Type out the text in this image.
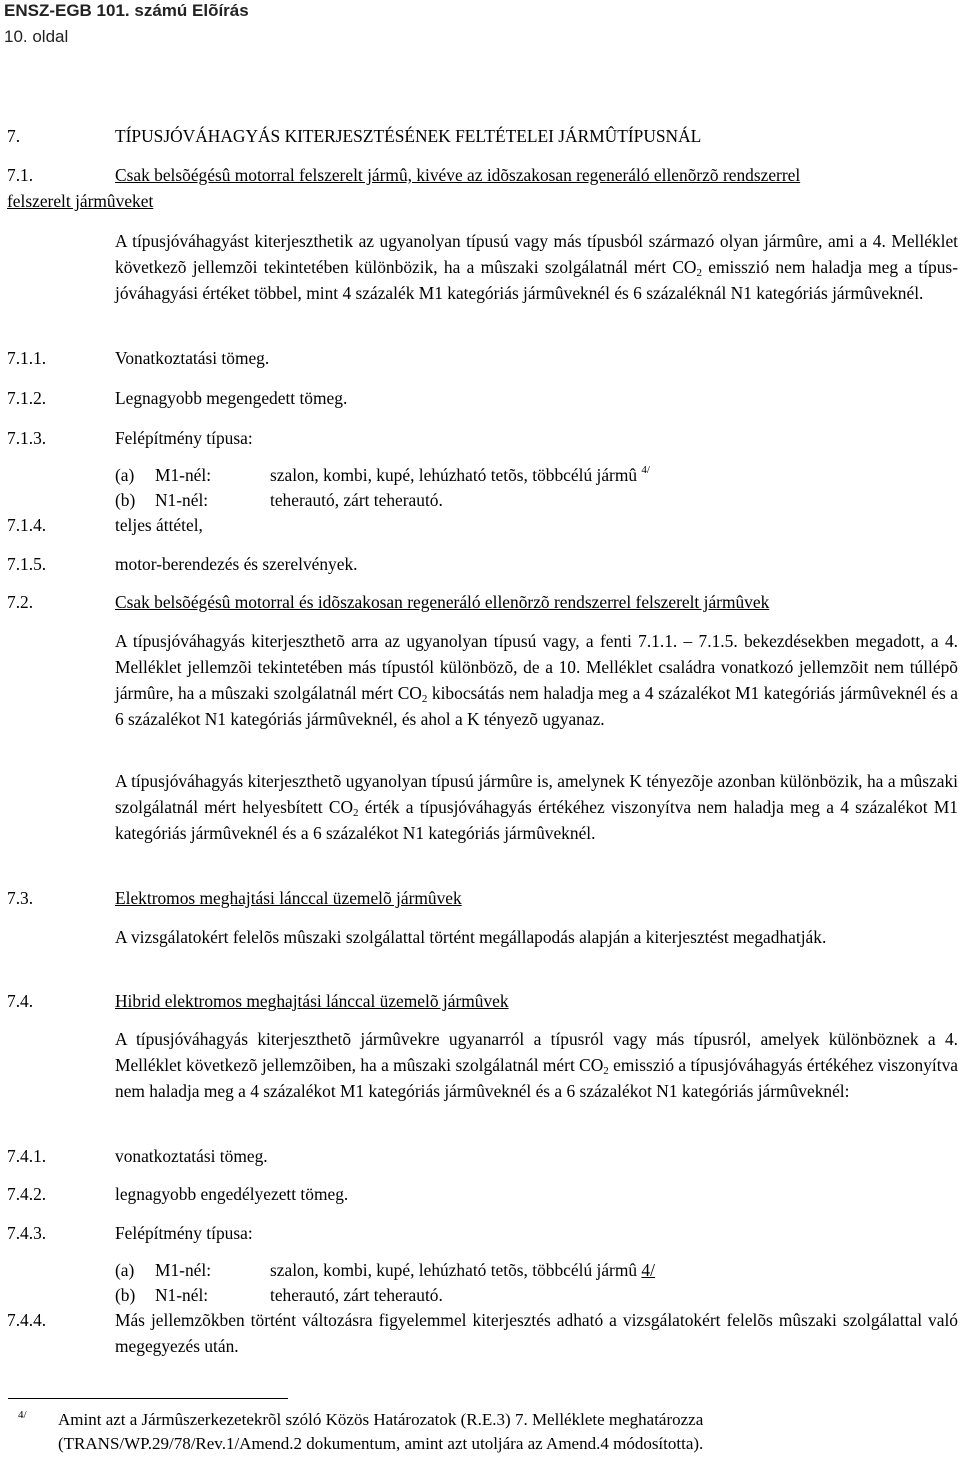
ENSZ-EGB 101. számú Elõírás
10. oldal
7.	TÍPUSJÓVÁHAGYÁS KITERJESZTÉSÉNEK FELTÉTELEI JÁRMÛTÍPUSNÁL
7.1.	Csak belsõégésû motorral felszerelt jármû, kivéve az idõszakosan regeneráló ellenõrzõ rendszerrel
felszerelt jármûveket

A típusjóváhagyást kiterjeszthetik az ugyanolyan típusú vagy más típusból származó olyan jármûre, ami a 4. Melléklet következõ jellemzõi tekintetében különbözik, ha a mûszaki szolgálatnál mért $CO_2$ emisszió nem haladja meg a típus-jóváhagyási értéket többel, mint 4 százalék M1 kategóriás jármûveknél és 6 százaléknál N1 kategóriás jármûveknél.

7.1.1.	Vonatkoztatási tömeg.
7.1.2.	Legnagyobb megengedett tömeg.
7.1.3.	Felépítmény típusa:
(a) M1-nél:	szalon, kombi, kupé, lehúzható tetõs, többcélú jármû $^{4/}$
(b) N1-nél:	teherautó, zárt teherautó.
7.1.4.	teljes áttétel,
7.1.5.	motor-berendezés és szerelvények.
7.2.	Csak belsõégésû motorral és idõszakosan regeneráló ellenõrzõ rendszerrel felszerelt jármûvek

A típusjóváhagyás kiterjeszthetõ arra az ugyanolyan típusú vagy, a fenti 7.1.1. – 7.1.5. bekezdésekben megadott, a 4. Melléklet jellemzõi tekintetében más típustól különbözõ, de a 10. Melléklet családra vonatkozó jellemzõit nem túllépõ jármûre, ha a mûszaki szolgálatnál mért $CO_2$ kibocsátás nem haladja meg a 4 százalékot M1 kategóriás jármûveknél és a 6 százalékot N1 kategóriás jármûveknél, és ahol a K tényezõ ugyanaz.

A típusjóváhagyás kiterjeszthetõ ugyanolyan típusú jármûre is, amelynek K tényezõje azonban különbözik, ha a mûszaki szolgálatnál mért helyesbített $CO_2$ érték a típusjóváhagyás értékéhez viszonyítva nem haladja meg a 4 százalékot M1 kategóriás jármûveknél és a 6 százalékot N1 kategóriás jármûveknél.

7.3.	Elektromos meghajtási lánccal üzemelõ jármûvek

A vizsgálatokért felelõs mûszaki szolgálattal történt megállapodás alapján a kiterjesztést megadhatják.

7.4.	Hibrid elektromos meghajtási lánccal üzemelõ jármûvek

A típusjóváhagyás kiterjeszthetõ jármûvekre ugyanarról a típusról vagy más típusról, amelyek különböznek a 4. Melléklet következõ jellemzõiben, ha a mûszaki szolgálatnál mért $CO_2$ emisszió a típusjóváhagyás értékéhez viszonyítva nem haladja meg a 4 százalékot M1 kategóriás jármûveknél és a 6 százalékot N1 kategóriás jármûveknél:

7.4.1.	vonatkoztatási tömeg.
7.4.2.	legnagyobb engedélyezett tömeg.
7.4.3.	Felépítmény típusa:
(a) M1-nél:	szalon, kombi, kupé, lehúzható tetõs, többcélú jármû 4/
(b) N1-nél:	teherautó, zárt teherautó.
7.4.4.	Más jellemzõkben történt változásra figyelemmel kiterjesztés adható a vizsgálatokért felelõs mûszaki szolgálattal való megegyezés után.

4/ Amint azt a Jármûszerkezetekrõl szóló Közös Határozatok (R.E.3) 7. Melléklete meghatározza
(TRANS/WP.29/78/Rev.1/Amend.2 dokumentum, amint azt utoljára az Amend.4 módosította).
